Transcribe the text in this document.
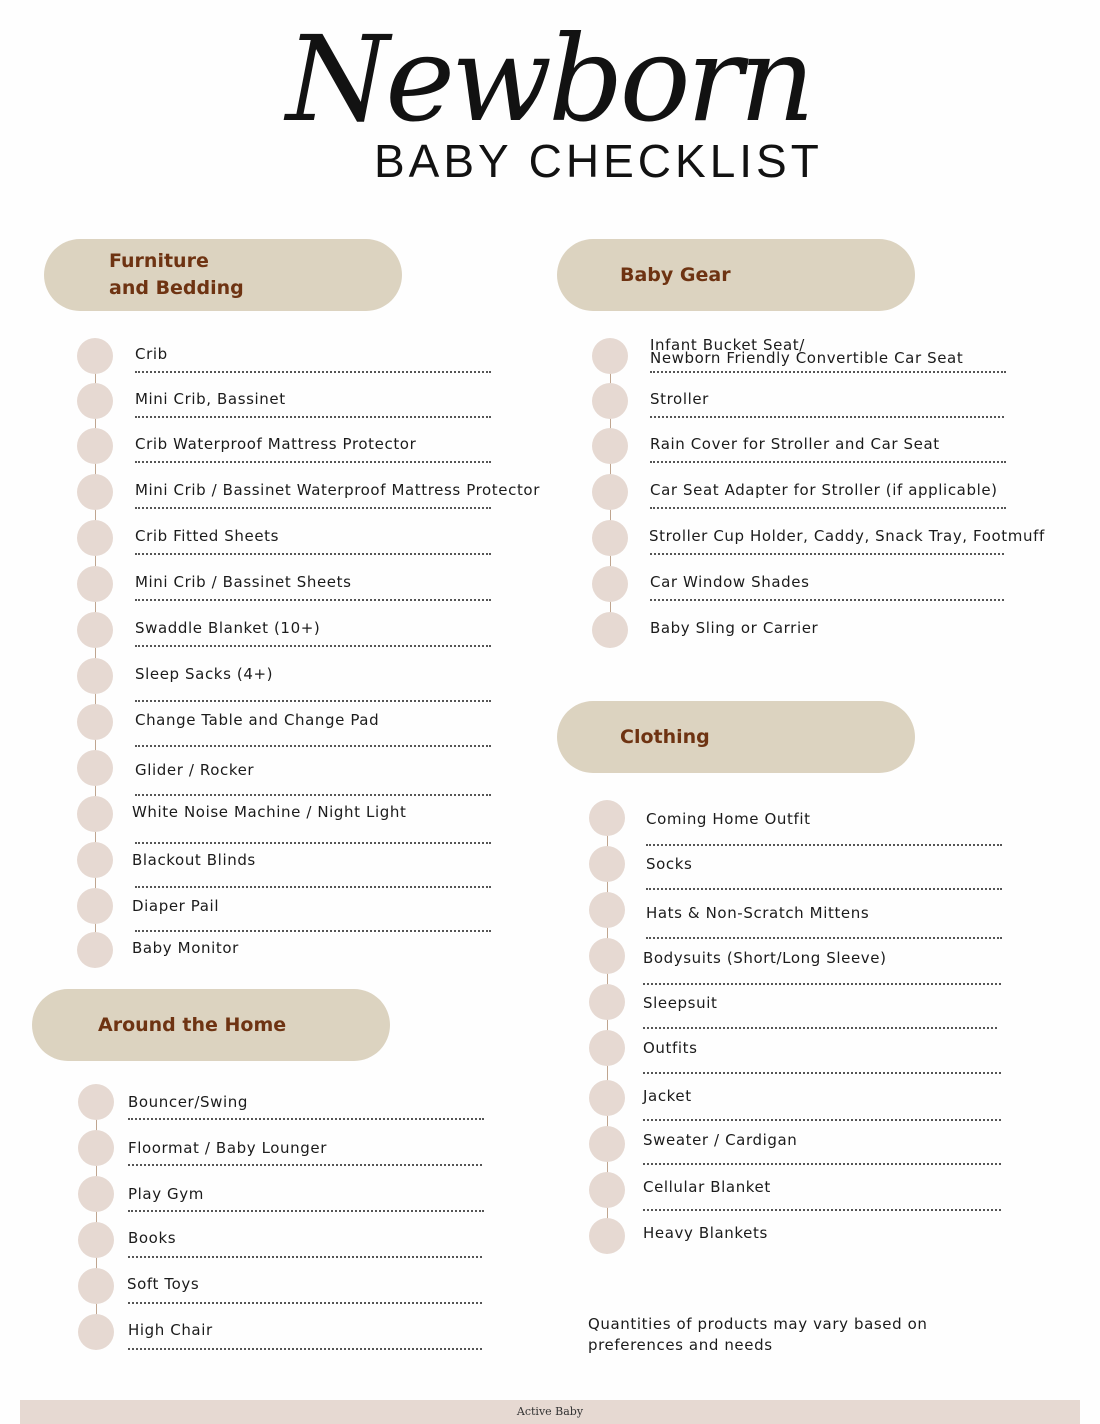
Newborn
BABY CHECKLIST
Furniture
and Bedding
Baby Gear
Clothing
Around the Home
Crib
Mini Crib, Bassinet
Crib Waterproof Mattress Protector
Mini Crib / Bassinet Waterproof Mattress Protector
Crib Fitted Sheets
Mini Crib / Bassinet Sheets
Swaddle Blanket (10+)
Sleep Sacks (4+)
Change Table and Change Pad
Glider / Rocker
White Noise Machine / Night Light
Blackout Blinds
Diaper Pail
Baby Monitor
Bouncer/Swing
Floormat / Baby Lounger
Play Gym
Books
Soft Toys
High Chair
Infant Bucket Seat/
Newborn Friendly Convertible Car Seat
Stroller
Rain Cover for Stroller and Car Seat
Car Seat Adapter for Stroller (if applicable)
Stroller Cup Holder, Caddy, Snack Tray, Footmuff
Car Window Shades
Baby Sling or Carrier
Coming Home Outfit
Socks
Hats & Non-Scratch Mittens
Bodysuits (Short/Long Sleeve)
Sleepsuit
Outfits
Jacket
Sweater / Cardigan
Cellular Blanket
Heavy Blankets
Quantities of products may vary based on
preferences and needs
Active Baby
